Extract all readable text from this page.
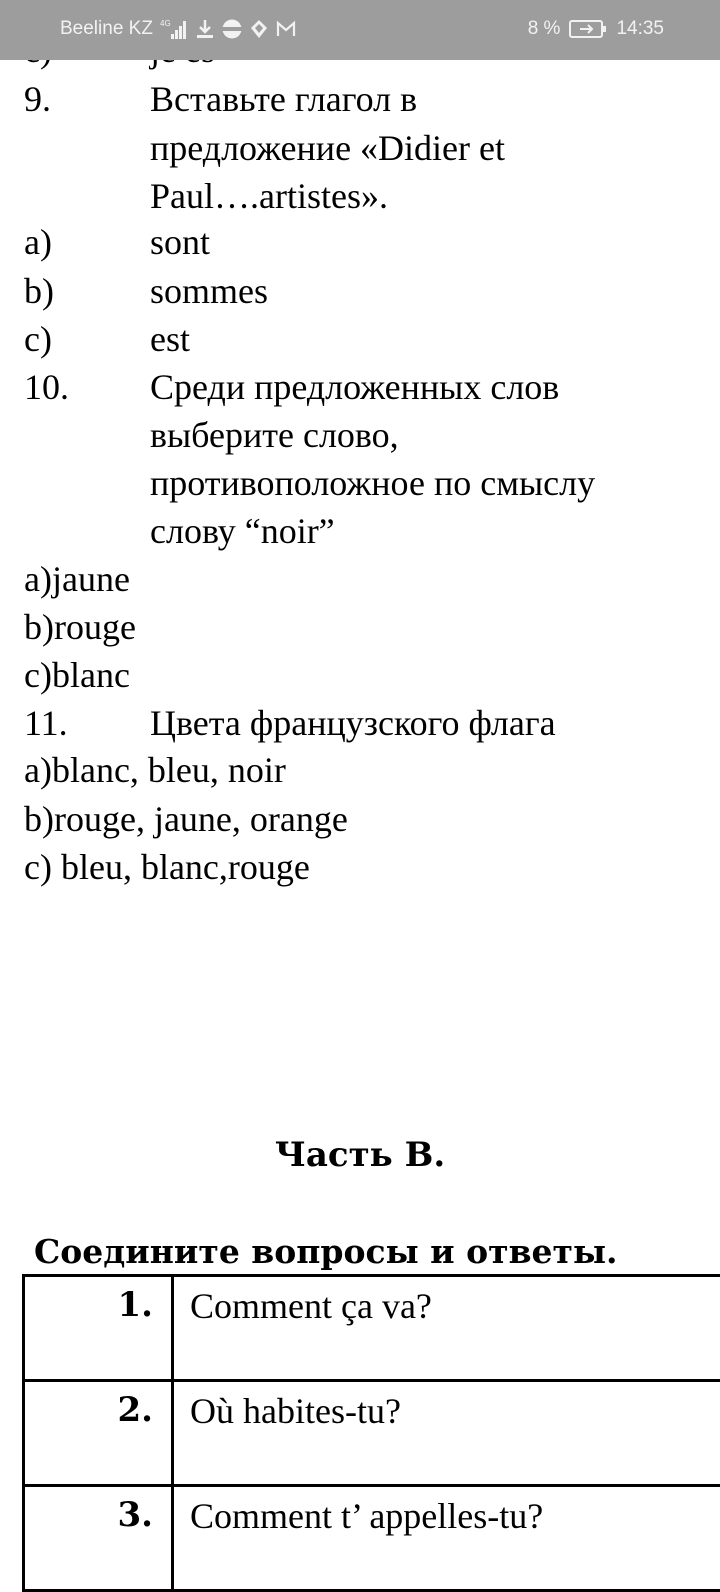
Beeline KZ 4G	8 %	14:35
9.	Вставьте глагол в
предложение «Didier et
Paul….artistes».
a)	sont
b)	sommes
c)	est
10. Среди предложенных слов
выберите слово,
противоположное по смыслу
слову “noir”
a)jaune
b)rouge
c)blanc
11. Цвета французского флага
a)blanc, bleu, noir
b)rouge, jaune, orange
c) bleu, blanc,rouge
Часть В.
Соедините вопросы и ответы.
1.	Comment ça va?
2.	Où habites-tu?
3.	Comment t’ appelles-tu?
